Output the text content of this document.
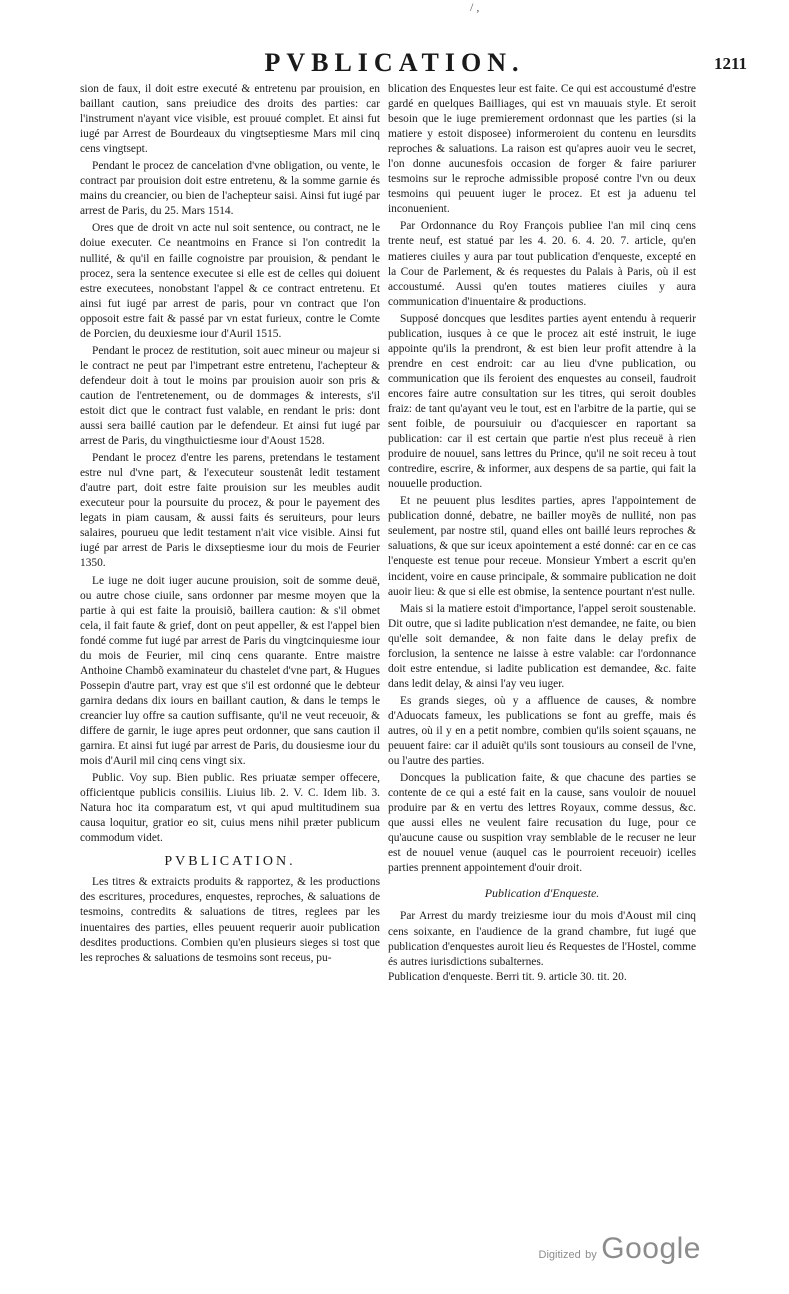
/ ,
PVBLICATION.	1211

sion de faux, il doit estre executé & entretenu par prouision, en baillant caution, sans preiudice des droits des parties: car l'instrument n'ayant vice visible, est prouué complet. Et ainsi fut iugé par Arrest de Bourdeaux du vingtseptiesme Mars mil cinq cens vingtsept.

Pendant le procez de cancelation d'vne obligation, ou vente, le contract par prouision doit estre entretenu, & la somme garnie és mains du creancier, ou bien de l'achepteur saisi. Ainsi fut iugé par arrest de Paris, du 25. Mars 1514.

Ores que de droit vn acte nul soit sentence, ou contract, ne le doiue executer. Ce neantmoins en France si l'on contredit la nullité, & qu'il en faille cognoistre par prouision, & pendant le procez, sera la sentence executee si elle est de celles qui doiuent estre executees, nonobstant l'appel & ce contract entretenu. Et ainsi fut iugé par arrest de paris, pour vn contract que l'on opposoit estre fait & passé par vn estat furieux, contre le Comte de Porcien, du deuxiesme iour d'Auril 1515.

Pendant le procez de restitution, soit auec mineur ou majeur si le contract ne peut par l'impetrant estre entretenu, l'achepteur & defendeur doit à tout le moins par prouision auoir son pris & caution de l'entretenement, ou de dommages & interests, s'il estoit dict que le contract fust valable, en rendant le pris: dont aussi sera baillé caution par le defendeur. Et ainsi fut iugé par arrest de Paris, du vingthuictiesme iour d'Aoust 1528.

Pendant le procez d'entre les parens, pretendans le testament estre nul d'vne part, & l'executeur soustenât ledit testament d'autre part, doit estre faite prouision sur les meubles audit executeur pour la poursuite du procez, & pour le payement des legats in piam causam, & aussi faits és seruiteurs, pour leurs salaires, pourueu que ledit testament n'ait vice visible. Ainsi fut iugé par arrest de Paris le dixseptiesme iour du mois de Feurier 1350.

Le iuge ne doit iuger aucune prouision, soit de somme deuë, ou autre chose ciuile, sans ordonner par mesme moyen que la partie à qui est faite la prouisiõ, baillera caution: & s'il obmet cela, il fait faute & grief, dont on peut appeller, & est l'appel bien fondé comme fut iugé par arrest de Paris du vingtcinquiesme iour du mois de Feurier, mil cinq cens quarante. Entre maistre Anthoine Chambõ examinateur du chastelet d'vne part, & Hugues Possepin d'autre part, vray est que s'il est ordonné que le debteur garnira dedans dix iours en baillant caution, & dans le temps le creancier luy offre sa caution suffisante, qu'il ne veut receuoir, & differe de garnir, le iuge apres peut ordonner, que sans caution il garnira. Et ainsi fut iugé par arrest de Paris, du dousiesme iour du mois d'Auril mil cinq cens vingt six.

Public. Voy sup. Bien public. Res priuatæ semper offecere, officientque publicis consiliis. Liuius lib. 2. V. C. Idem lib. 3. Natura hoc ita comparatum est, vt qui apud multitudinem sua causa loquitur, gratior eo sit, cuius mens nihil præter publicum commodum videt.

PVBLICATION.

Les titres & extraicts produits & rapportez, & les productions des escritures, procedures, enquestes, reproches, & saluations de tesmoins, contredits & saluations de titres, reglees par les inuentaires des parties, elles peuuent requerir auoir publication desdites productions. Combien qu'en plusieurs sieges si tost que les reproches & saluations de tesmoins sont receus, pu-

blication des Enquestes leur est faite. Ce qui est accoustumé d'estre gardé en quelques Bailliages, qui est vn mauuais style. Et seroit besoin que le iuge premierement ordonnast que les parties (si la matiere y estoit disposee) informeroient du contenu en leursdits reproches & saluations. La raison est qu'apres auoir veu le secret, l'on donne aucunesfois occasion de forger & faire pariurer tesmoins sur le reproche admissible proposé contre l'vn ou deux tesmoins qui peuuent iuger le procez. Et est ja aduenu tel inconuenient.

Par Ordonnance du Roy François publiee l'an mil cinq cens trente neuf, est statué par les 4. 20. 6. 4. 20. 7. article, qu'en matieres ciuiles y aura par tout publication d'enqueste, excepté en la Cour de Parlement, & és requestes du Palais à Paris, où il est accoustumé. Aussi qu'en toutes matieres ciuiles y aura communication d'inuentaire & productions.

Supposé doncques que lesdites parties ayent entendu à requerir publication, iusques à ce que le procez ait esté instruit, le iuge appointe qu'ils la prendront, & est bien leur profit attendre à la prendre en cest endroit: car au lieu d'vne publication, ou communication que ils feroient des enquestes au conseil, faudroit encores faire autre consultation sur les titres, qui seroit doubles fraiz: de tant qu'ayant veu le tout, est en l'arbitre de la partie, qui se sent foible, de poursuiuir ou d'acquiescer en raportant sa publication: car il est certain que partie n'est plus receuë à rien produire de nouuel, sans lettres du Prince, qu'il ne soit receu à tout contredire, escrire, & informer, aux despens de sa partie, qui fait la nouuelle production.

Et ne peuuent plus lesdites parties, apres l'appointement de publication donné, debatre, ne bailler moyẽs de nullité, non pas seulement, par nostre stil, quand elles ont baillé leurs reproches & saluations, & que sur iceux apointement a esté donné: car en ce cas l'enqueste est tenue pour receue. Monsieur Ymbert a escrit qu'en incident, voire en cause principale, & sommaire publication ne doit auoir lieu: & que si elle est obmise, la sentence pourtant n'est nulle.

Mais si la matiere estoit d'importance, l'appel seroit soustenable. Dit outre, que si ladite publication n'est demandee, ne faite, ou bien qu'elle soit demandee, & non faite dans le delay prefix de forclusion, la sentence ne laisse à estre valable: car l'ordonnance doit estre entendue, si ladite publication est demandee, &c. faite dans ledit delay, & ainsi l'ay veu iuger.

Es grands sieges, où y a affluence de causes, & nombre d'Aduocats fameux, les publications se font au greffe, mais és autres, où il y en a petit nombre, combien qu'ils soient sçauans, ne peuuent faire: car il aduiẽt qu'ils sont tousiours au conseil de l'vne, ou l'autre des parties.

Doncques la publication faite, & que chacune des parties se contente de ce qui a esté fait en la cause, sans vouloir de nouuel produire par & en vertu des lettres Royaux, comme dessus, &c. que aussi elles ne veulent faire recusation du Iuge, pour ce qu'aucune cause ou suspition vray semblable de le recuser ne leur est de nouuel venue (auquel cas le pourroient receuoir) icelles parties prennent appointement d'ouir droit.

Publication d'Enqueste.

Par Arrest du mardy treiziesme iour du mois d'Aoust mil cinq cens soixante, en l'audience de la grand chambre, fut iugé que publication d'enquestes auroit lieu és Requestes de l'Hostel, comme és autres iurisdictions subalternes.

Publication d'enqueste. Berri tit. 9. article 30. tit. 20.

Digitized by Google
